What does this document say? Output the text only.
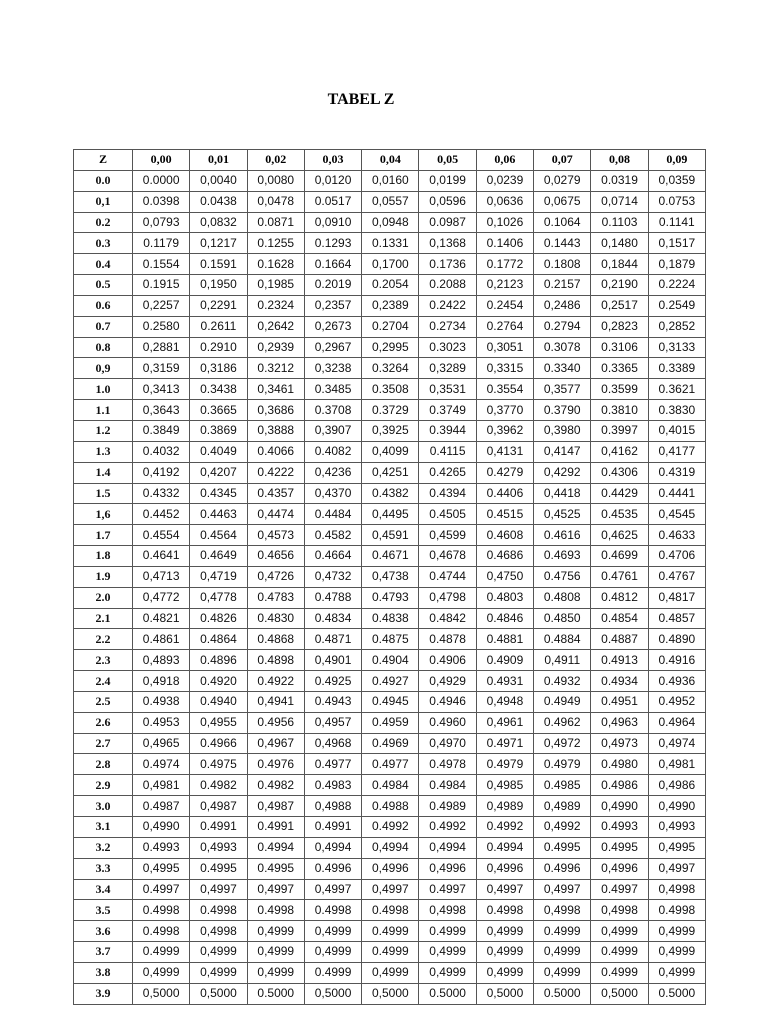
TABEL Z
Z	0,00	0,01	0,02	0,03	0,04	0,05	0,06	0,07	0,08	0,09
0.0	0.0000	0,0040	0,0080	0,0120	0,0160	0,0199	0,0239	0,0279	0.0319	0,0359
0,1	0.0398	0.0438	0,0478	0.0517	0,0557	0,0596	0,0636	0,0675	0,0714	0.0753
0.2	0,0793	0,0832	0.0871	0,0910	0,0948	0.0987	0,1026	0.1064	0.1103	0.1141
0.3	0.1179	0,1217	0.1255	0.1293	0.1331	0,1368	0.1406	0.1443	0,1480	0,1517
0.4	0.1554	0.1591	0.1628	0.1664	0,1700	0.1736	0.1772	0.1808	0,1844	0,1879
0.5	0.1915	0,1950	0,1985	0.2019	0.2054	0.2088	0,2123	0.2157	0,2190	0.2224
0.6	0,2257	0,2291	0.2324	0,2357	0,2389	0.2422	0.2454	0,2486	0,2517	0.2549
0.7	0.2580	0.2611	0,2642	0,2673	0.2704	0.2734	0.2764	0.2794	0,2823	0,2852
0.8	0,2881	0.2910	0,2939	0,2967	0,2995	0.3023	0,3051	0.3078	0.3106	0,3133
0,9	0,3159	0,3186	0.3212	0,3238	0.3264	0,3289	0,3315	0.3340	0.3365	0.3389
1.0	0,3413	0.3438	0,3461	0.3485	0.3508	0,3531	0.3554	0,3577	0.3599	0.3621
1.1	0,3643	0.3665	0,3686	0.3708	0.3729	0.3749	0,3770	0.3790	0.3810	0.3830
1.2	0.3849	0.3869	0,3888	0,3907	0,3925	0.3944	0,3962	0,3980	0.3997	0,4015
1.3	0.4032	0.4049	0.4066	0.4082	0,4099	0.4115	0,4131	0,4147	0,4162	0,4177
1.4	0,4192	0,4207	0.4222	0,4236	0,4251	0.4265	0.4279	0,4292	0.4306	0.4319
1.5	0.4332	0.4345	0.4357	0,4370	0.4382	0.4394	0.4406	0,4418	0.4429	0.4441
1,6	0.4452	0.4463	0,4474	0.4484	0,4495	0.4505	0.4515	0,4525	0.4535	0,4545
1.7	0.4554	0.4564	0,4573	0.4582	0,4591	0,4599	0.4608	0.4616	0,4625	0.4633
1.8	0.4641	0.4649	0.4656	0.4664	0.4671	0,4678	0.4686	0.4693	0.4699	0.4706
1.9	0,4713	0,4719	0,4726	0,4732	0,4738	0.4744	0,4750	0.4756	0.4761	0.4767
2.0	0,4772	0,4778	0.4783	0.4788	0.4793	0,4798	0.4803	0.4808	0.4812	0,4817
2.1	0.4821	0.4826	0.4830	0.4834	0.4838	0.4842	0.4846	0.4850	0.4854	0.4857
2.2	0.4861	0.4864	0.4868	0.4871	0.4875	0.4878	0.4881	0.4884	0.4887	0.4890
2.3	0,4893	0.4896	0.4898	0,4901	0.4904	0.4906	0.4909	0,4911	0.4913	0.4916
2.4	0,4918	0.4920	0.4922	0.4925	0.4927	0,4929	0.4931	0.4932	0.4934	0.4936
2.5	0.4938	0.4940	0,4941	0.4943	0.4945	0.4946	0,4948	0.4949	0.4951	0.4952
2.6	0.4953	0,4955	0.4956	0,4957	0.4959	0.4960	0,4961	0.4962	0,4963	0.4964
2.7	0,4965	0.4966	0,4967	0,4968	0.4969	0,4970	0.4971	0,4972	0,4973	0,4974
2.8	0.4974	0.4975	0.4976	0.4977	0.4977	0.4978	0.4979	0.4979	0.4980	0,4981
2.9	0,4981	0.4982	0.4982	0.4983	0.4984	0.4984	0,4985	0.4985	0.4986	0,4986
3.0	0.4987	0,4987	0,4987	0,4988	0.4988	0.4989	0,4989	0,4989	0,4990	0,4990
3.1	0,4990	0.4991	0.4991	0.4991	0.4992	0.4992	0.4992	0,4992	0.4993	0,4993
3.2	0.4993	0,4993	0.4994	0,4994	0,4994	0,4994	0.4994	0.4995	0.4995	0,4995
3.3	0,4995	0.4995	0.4995	0.4996	0,4996	0,4996	0,4996	0.4996	0,4996	0,4997
3.4	0.4997	0,4997	0,4997	0,4997	0,4997	0.4997	0,4997	0,4997	0.4997	0,4998
3.5	0.4998	0.4998	0.4998	0.4998	0.4998	0,4998	0.4998	0,4998	0,4998	0.4998
3.6	0.4998	0,4998	0,4999	0,4999	0.4999	0.4999	0,4999	0.4999	0,4999	0,4999
3.7	0.4999	0,4999	0,4999	0,4999	0.4999	0,4999	0,4999	0,4999	0.4999	0,4999
3.8	0,4999	0,4999	0,4999	0.4999	0,4999	0,4999	0,4999	0,4999	0.4999	0,4999
3.9	0,5000	0,5000	0.5000	0,5000	0,5000	0.5000	0,5000	0.5000	0,5000	0.5000
